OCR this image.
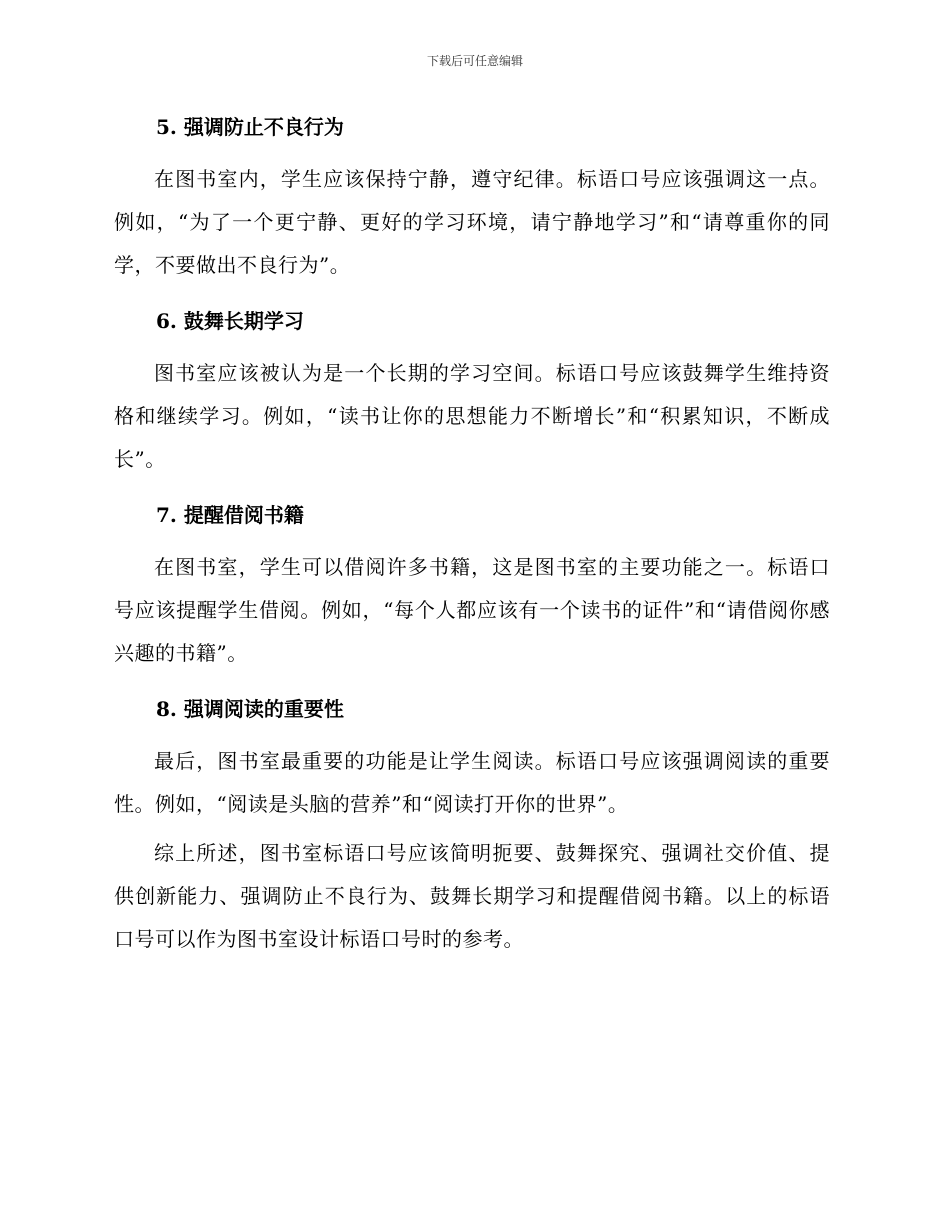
下载后可任意编辑
5. 强调防止不良行为

在图书室内，学生应该保持宁静，遵守纪律。标语口号应该强调这一点。例如，“为了一个更宁静、更好的学习环境，请宁静地学习”和“请尊重你的同学，不要做出不良行为”。

6. 鼓舞长期学习

图书室应该被认为是一个长期的学习空间。标语口号应该鼓舞学生维持资格和继续学习。例如，“读书让你的思想能力不断增长”和“积累知识，不断成长”。

7. 提醒借阅书籍

在图书室，学生可以借阅许多书籍，这是图书室的主要功能之一。标语口号应该提醒学生借阅。例如，“每个人都应该有一个读书的证件”和“请借阅你感兴趣的书籍”。

8. 强调阅读的重要性

最后，图书室最重要的功能是让学生阅读。标语口号应该强调阅读的重要性。例如，“阅读是头脑的营养”和“阅读打开你的世界”。

综上所述，图书室标语口号应该简明扼要、鼓舞探究、强调社交价值、提供创新能力、强调防止不良行为、鼓舞长期学习和提醒借阅书籍。以上的标语口号可以作为图书室设计标语口号时的参考。
